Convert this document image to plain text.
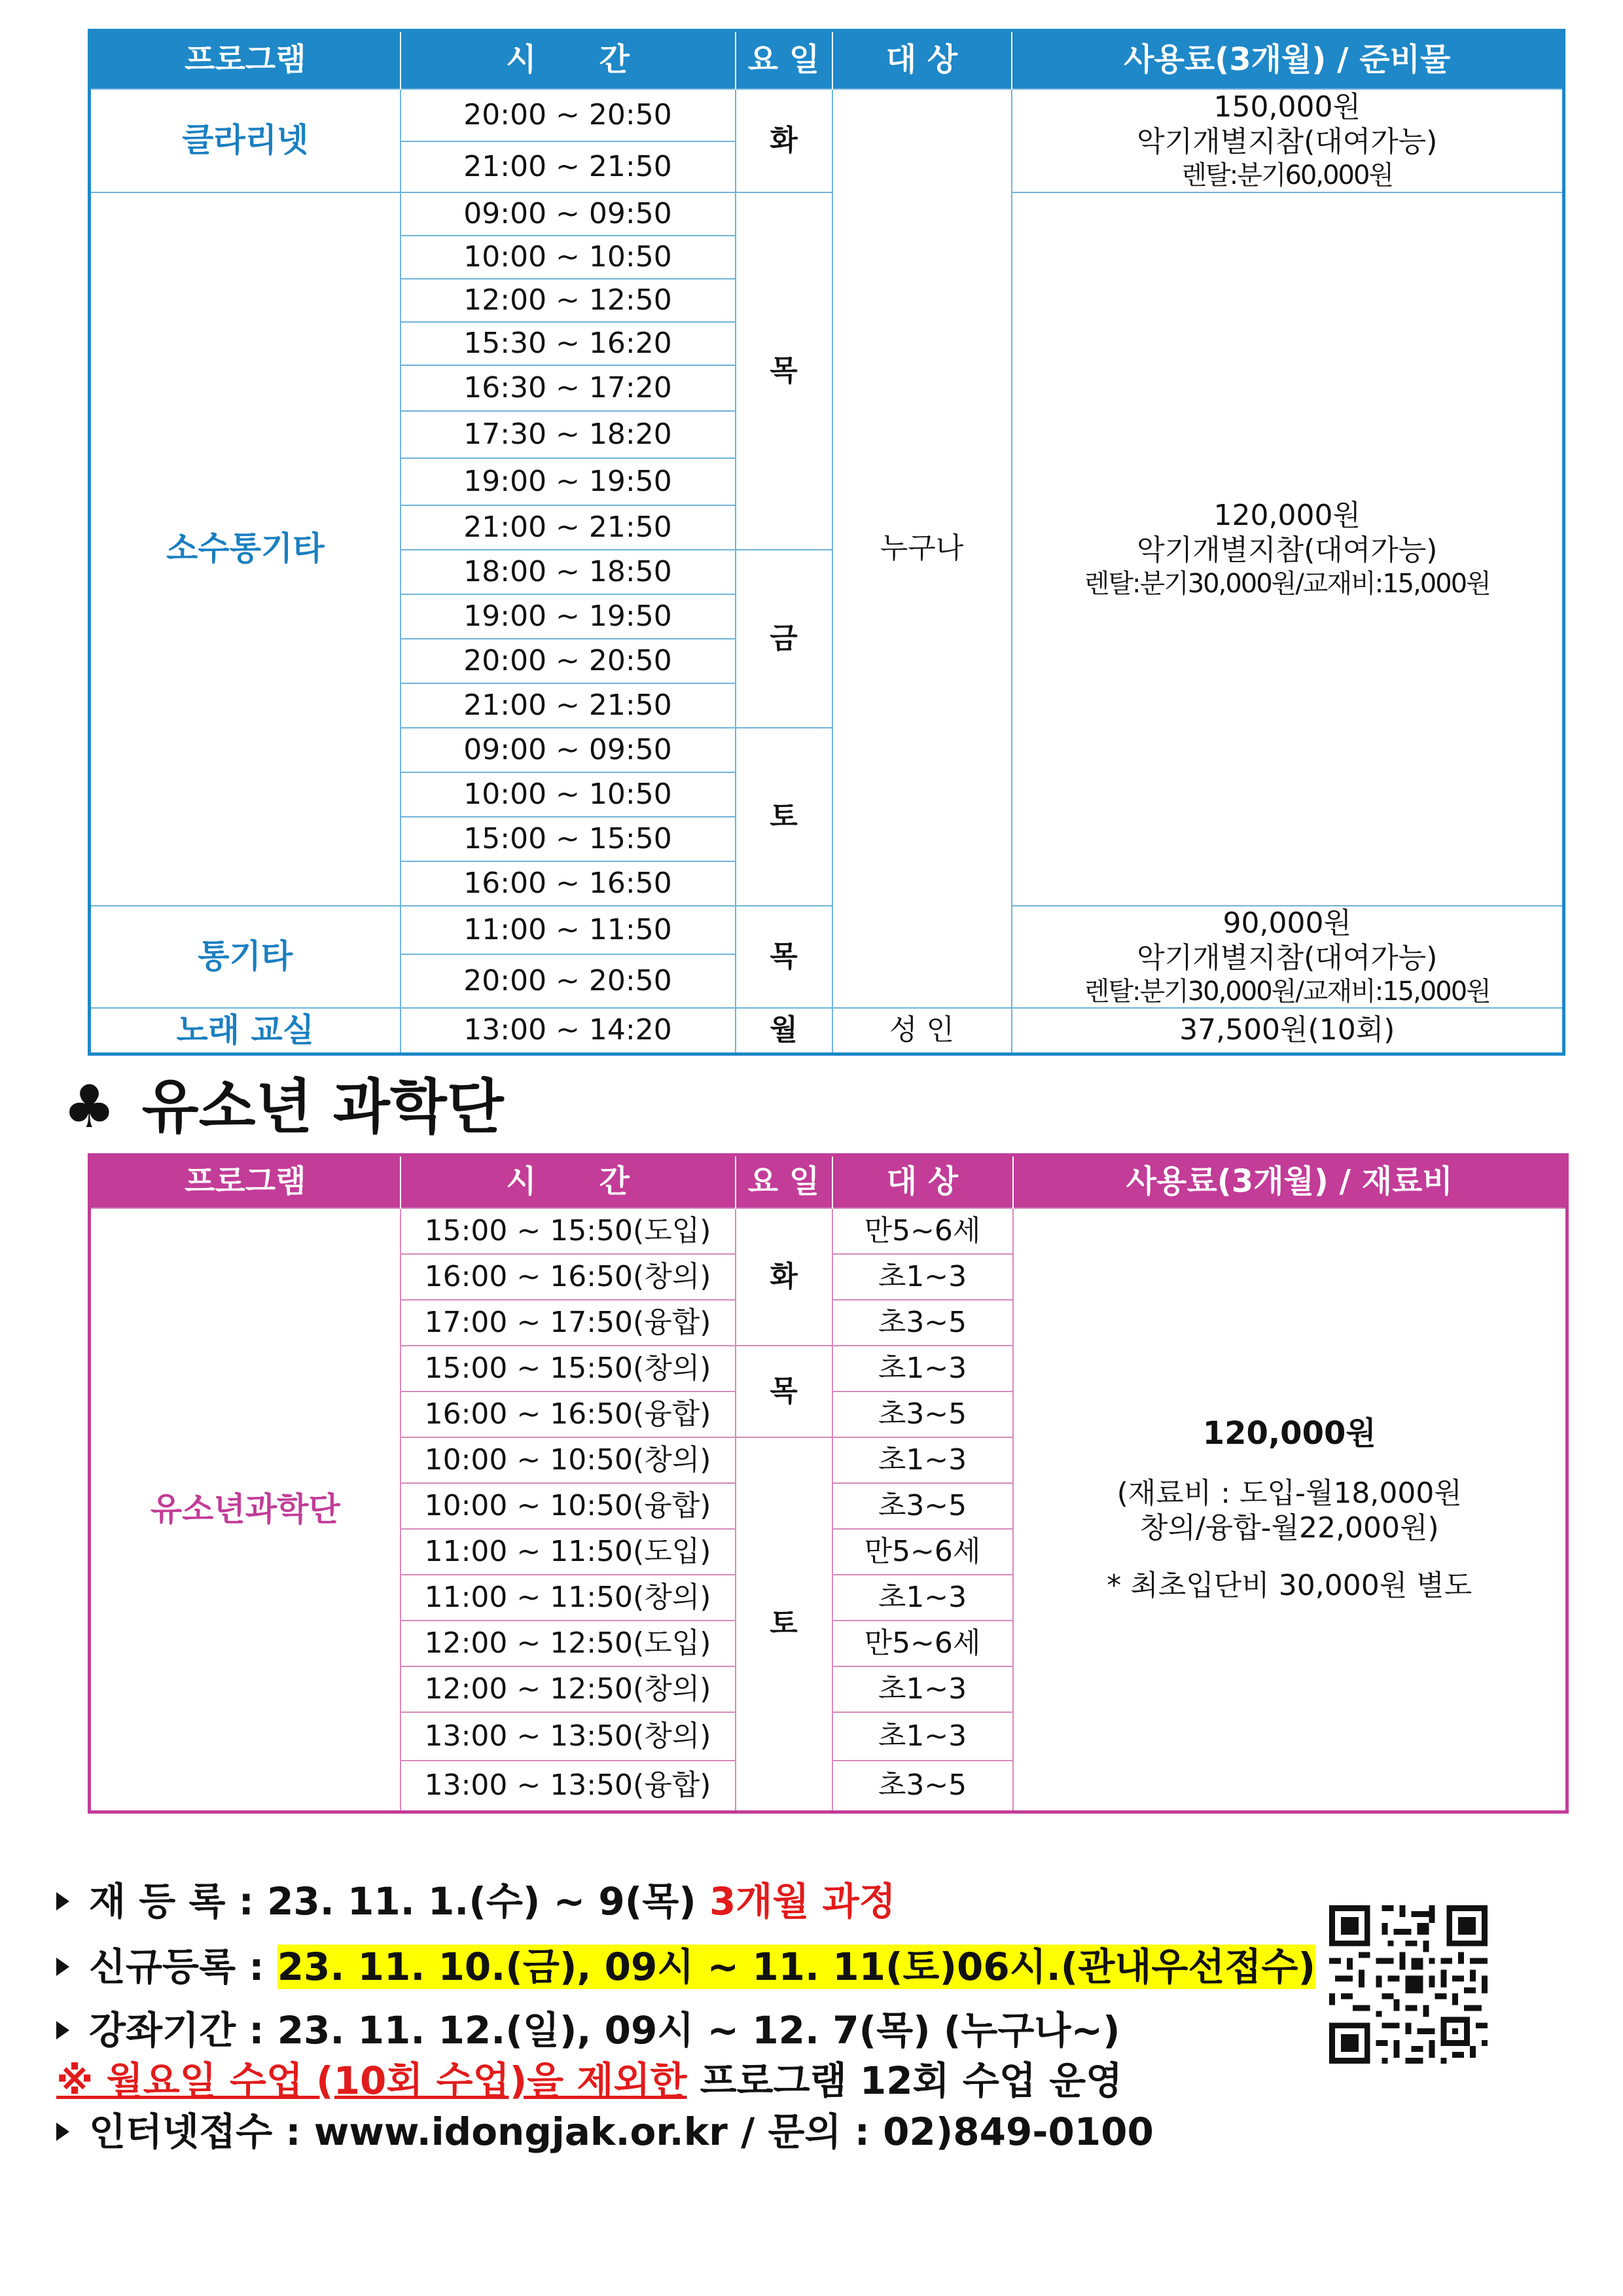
프로그램	시　　간	요 일	대 상	사용료(3개월) / 준비물
클라리넷	20:00 ~ 20:50	화	누구나	150,000원
악기개별지참(대여가능)
렌탈:분기60,000원

	21:00 ~ 21:50			
소수통기타	09:00 ~ 09:50	목		120,000원
악기개별지참(대여가능)
렌탈:분기30,000원/교재비:15,000원

	10:00 ~ 10:50			
	12:00 ~ 12:50			
	15:30 ~ 16:20			
	16:30 ~ 17:20			
	17:30 ~ 18:20			
	19:00 ~ 19:50			
	21:00 ~ 21:50			
	18:00 ~ 18:50	금		
	19:00 ~ 19:50			
	20:00 ~ 20:50			
	21:00 ~ 21:50			
	09:00 ~ 09:50	토		
	10:00 ~ 10:50			
	15:00 ~ 15:50			
	16:00 ~ 16:50			
통기타	11:00 ~ 11:50	목		90,000원
악기개별지참(대여가능)
렌탈:분기30,000원/교재비:15,000원

	20:00 ~ 20:50			
노래 교실	13:00 ~ 14:20	월	성 인	37,500원(10회)
♣ 유소년 과학단
프로그램	시　　간	요 일	대 상	사용료(3개월) / 재료비
유소년과학단	15:00 ~ 15:50(도입)	화	만5~6세	120,000원
(재료비 : 도입-월18,000원
창의/융합-월22,000원)
* 최초입단비 30,000원 별도

	16:00 ~ 16:50(창의)		초1~3	
	17:00 ~ 17:50(융합)		초3~5	
	15:00 ~ 15:50(창의)	목	초1~3	
	16:00 ~ 16:50(융합)		초3~5	
	10:00 ~ 10:50(창의)	토	초1~3	
	10:00 ~ 10:50(융합)		초3~5	
	11:00 ~ 11:50(도입)		만5~6세	
	11:00 ~ 11:50(창의)		초1~3	
	12:00 ~ 12:50(도입)		만5~6세	
	12:00 ~ 12:50(창의)		초1~3	
	13:00 ~ 13:50(창의)		초1~3	
	13:00 ~ 13:50(융합)		초3~5	
재 등 록 : 23. 11. 1.(수) ~ 9(목) 3개월 과정
신규등록 : 23. 11. 10.(금), 09시 ~ 11. 11(토)06시.(관내우선접수)
강좌기간 : 23. 11. 12.(일), 09시 ~ 12. 7(목) (누구나~)
※ 월요일 수업 (10회 수업)을 제외한 프로그램 12회 수업 운영
인터넷접수 : www.idongjak.or.kr / 문의 : 02)849-0100
